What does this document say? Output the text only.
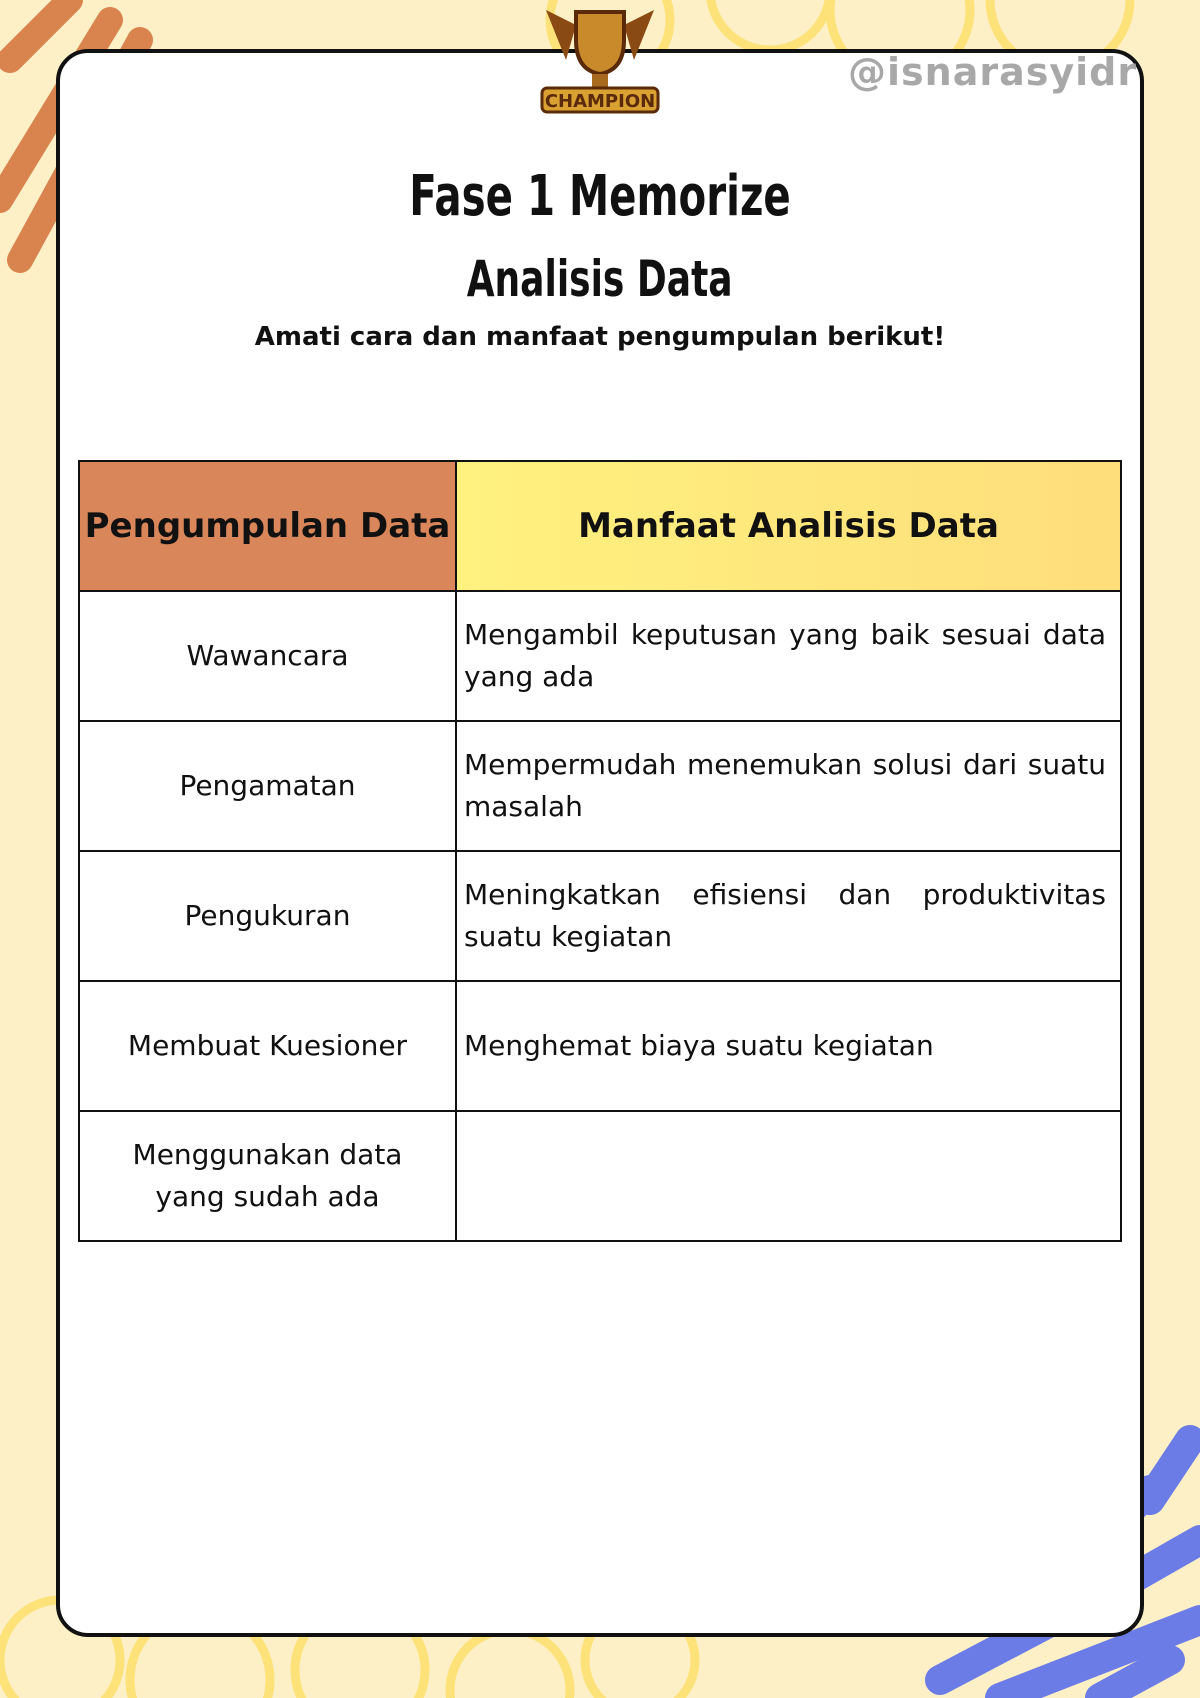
CHAMPION
@isnarasyidr
Fase 1 Memorize
Analisis Data
Amati cara dan manfaat pengumpulan berikut!
Pengumpulan Data	Manfaat Analisis Data
Wawancara	Mengambil keputusan yang baik sesuai data yang ada
Pengamatan	Mempermudah menemukan solusi dari suatu masalah
Pengukuran	Meningkatkan efisiensi dan produktivitas suatu kegiatan
Membuat Kuesioner	Menghemat biaya suatu kegiatan
Menggunakan data yang sudah ada	
